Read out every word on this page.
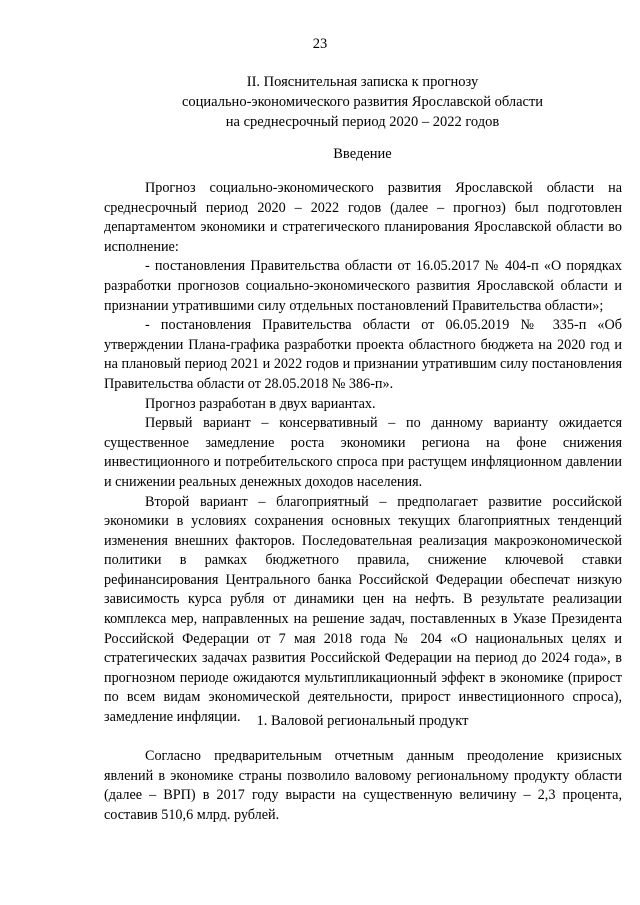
23
II. Пояснительная записка к прогнозу
социально-экономического развития Ярославской области
на среднесрочный период 2020 – 2022 годов
Введение

Прогноз социально-экономического развития Ярославской области на среднесрочный период 2020 – 2022 годов (далее – прогноз) был подготовлен департаментом экономики и стратегического планирования Ярославской области во исполнение:

- постановления Правительства области от 16.05.2017 № 404-п «О порядках разработки прогнозов социально-экономического развития Ярославской области и признании утратившими силу отдельных постановлений Правительства области»;

- постановления Правительства области от 06.05.2019 № 335-п «Об утверждении Плана-графика разработки проекта областного бюджета на 2020 год и на плановый период 2021 и 2022 годов и признании утратившим силу постановления Правительства области от 28.05.2018 № 386-п».

Прогноз разработан в двух вариантах.

Первый вариант – консервативный – по данному варианту ожидается существенное замедление роста экономики региона на фоне снижения инвестиционного и потребительского спроса при растущем инфляционном давлении и снижении реальных денежных доходов населения.

Второй вариант – благоприятный – предполагает развитие российской экономики в условиях сохранения основных текущих благоприятных тенденций изменения внешних факторов. Последовательная реализация макроэкономической политики в рамках бюджетного правила, снижение ключевой ставки рефинансирования Центрального банка Российской Федерации обеспечат низкую зависимость курса рубля от динамики цен на нефть. В результате реализации комплекса мер, направленных на решение задач, поставленных в Указе Президента Российской Федерации от 7 мая 2018 года № 204 «О национальных целях и стратегических задачах развития Российской Федерации на период до 2024 года», в прогнозном периоде ожидаются мультипликационный эффект в экономике (прирост по всем видам экономической деятельности, прирост инвестиционного спроса), замедление инфляции.	1. Валовой региональный продукт

Согласно предварительным отчетным данным преодоление кризисных явлений в экономике страны позволило валовому региональному продукту области (далее – ВРП) в 2017 году вырасти на существенную величину – 2,3 процента, составив 510,6 млрд. рублей.
